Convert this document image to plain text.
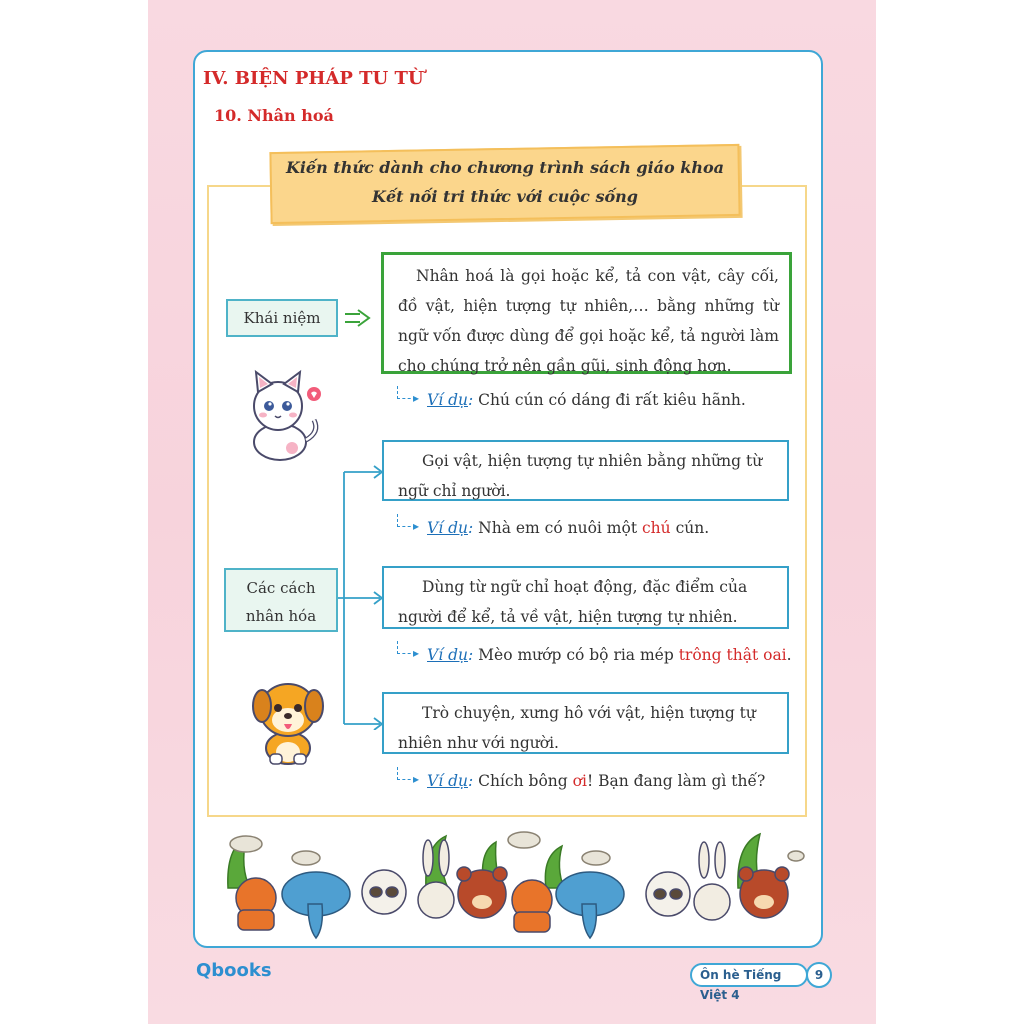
IV. BIỆN PHÁP TU TỪ
10. Nhân hoá
Kiến thức dành cho chương trình sách giáo khoa
Kết nối tri thức với cuộc sống
Khái niệm
Nhân hoá là gọi hoặc kể, tả con vật, cây cối, đồ vật, hiện tượng tự nhiên,… bằng những từ ngữ vốn được dùng để gọi hoặc kể, tả người làm cho chúng trở nên gần gũi, sinh động hơn.
▸ Ví dụ: Chú cún có dáng đi rất kiêu hãnh.
Các cách
nhân hóa
Gọi vật, hiện tượng tự nhiên bằng những từ ngữ chỉ người.
▸ Ví dụ: Nhà em có nuôi một chú cún.
Dùng từ ngữ chỉ hoạt động, đặc điểm của người để kể, tả về vật, hiện tượng tự nhiên.
▸ Ví dụ: Mèo mướp có bộ ria mép trông thật oai.
Trò chuyện, xưng hô với vật, hiện tượng tự nhiên như với người.
▸ Ví dụ: Chích bông ơi! Bạn đang làm gì thế?
Qbooks	Ôn hè Tiếng Việt 4
9
